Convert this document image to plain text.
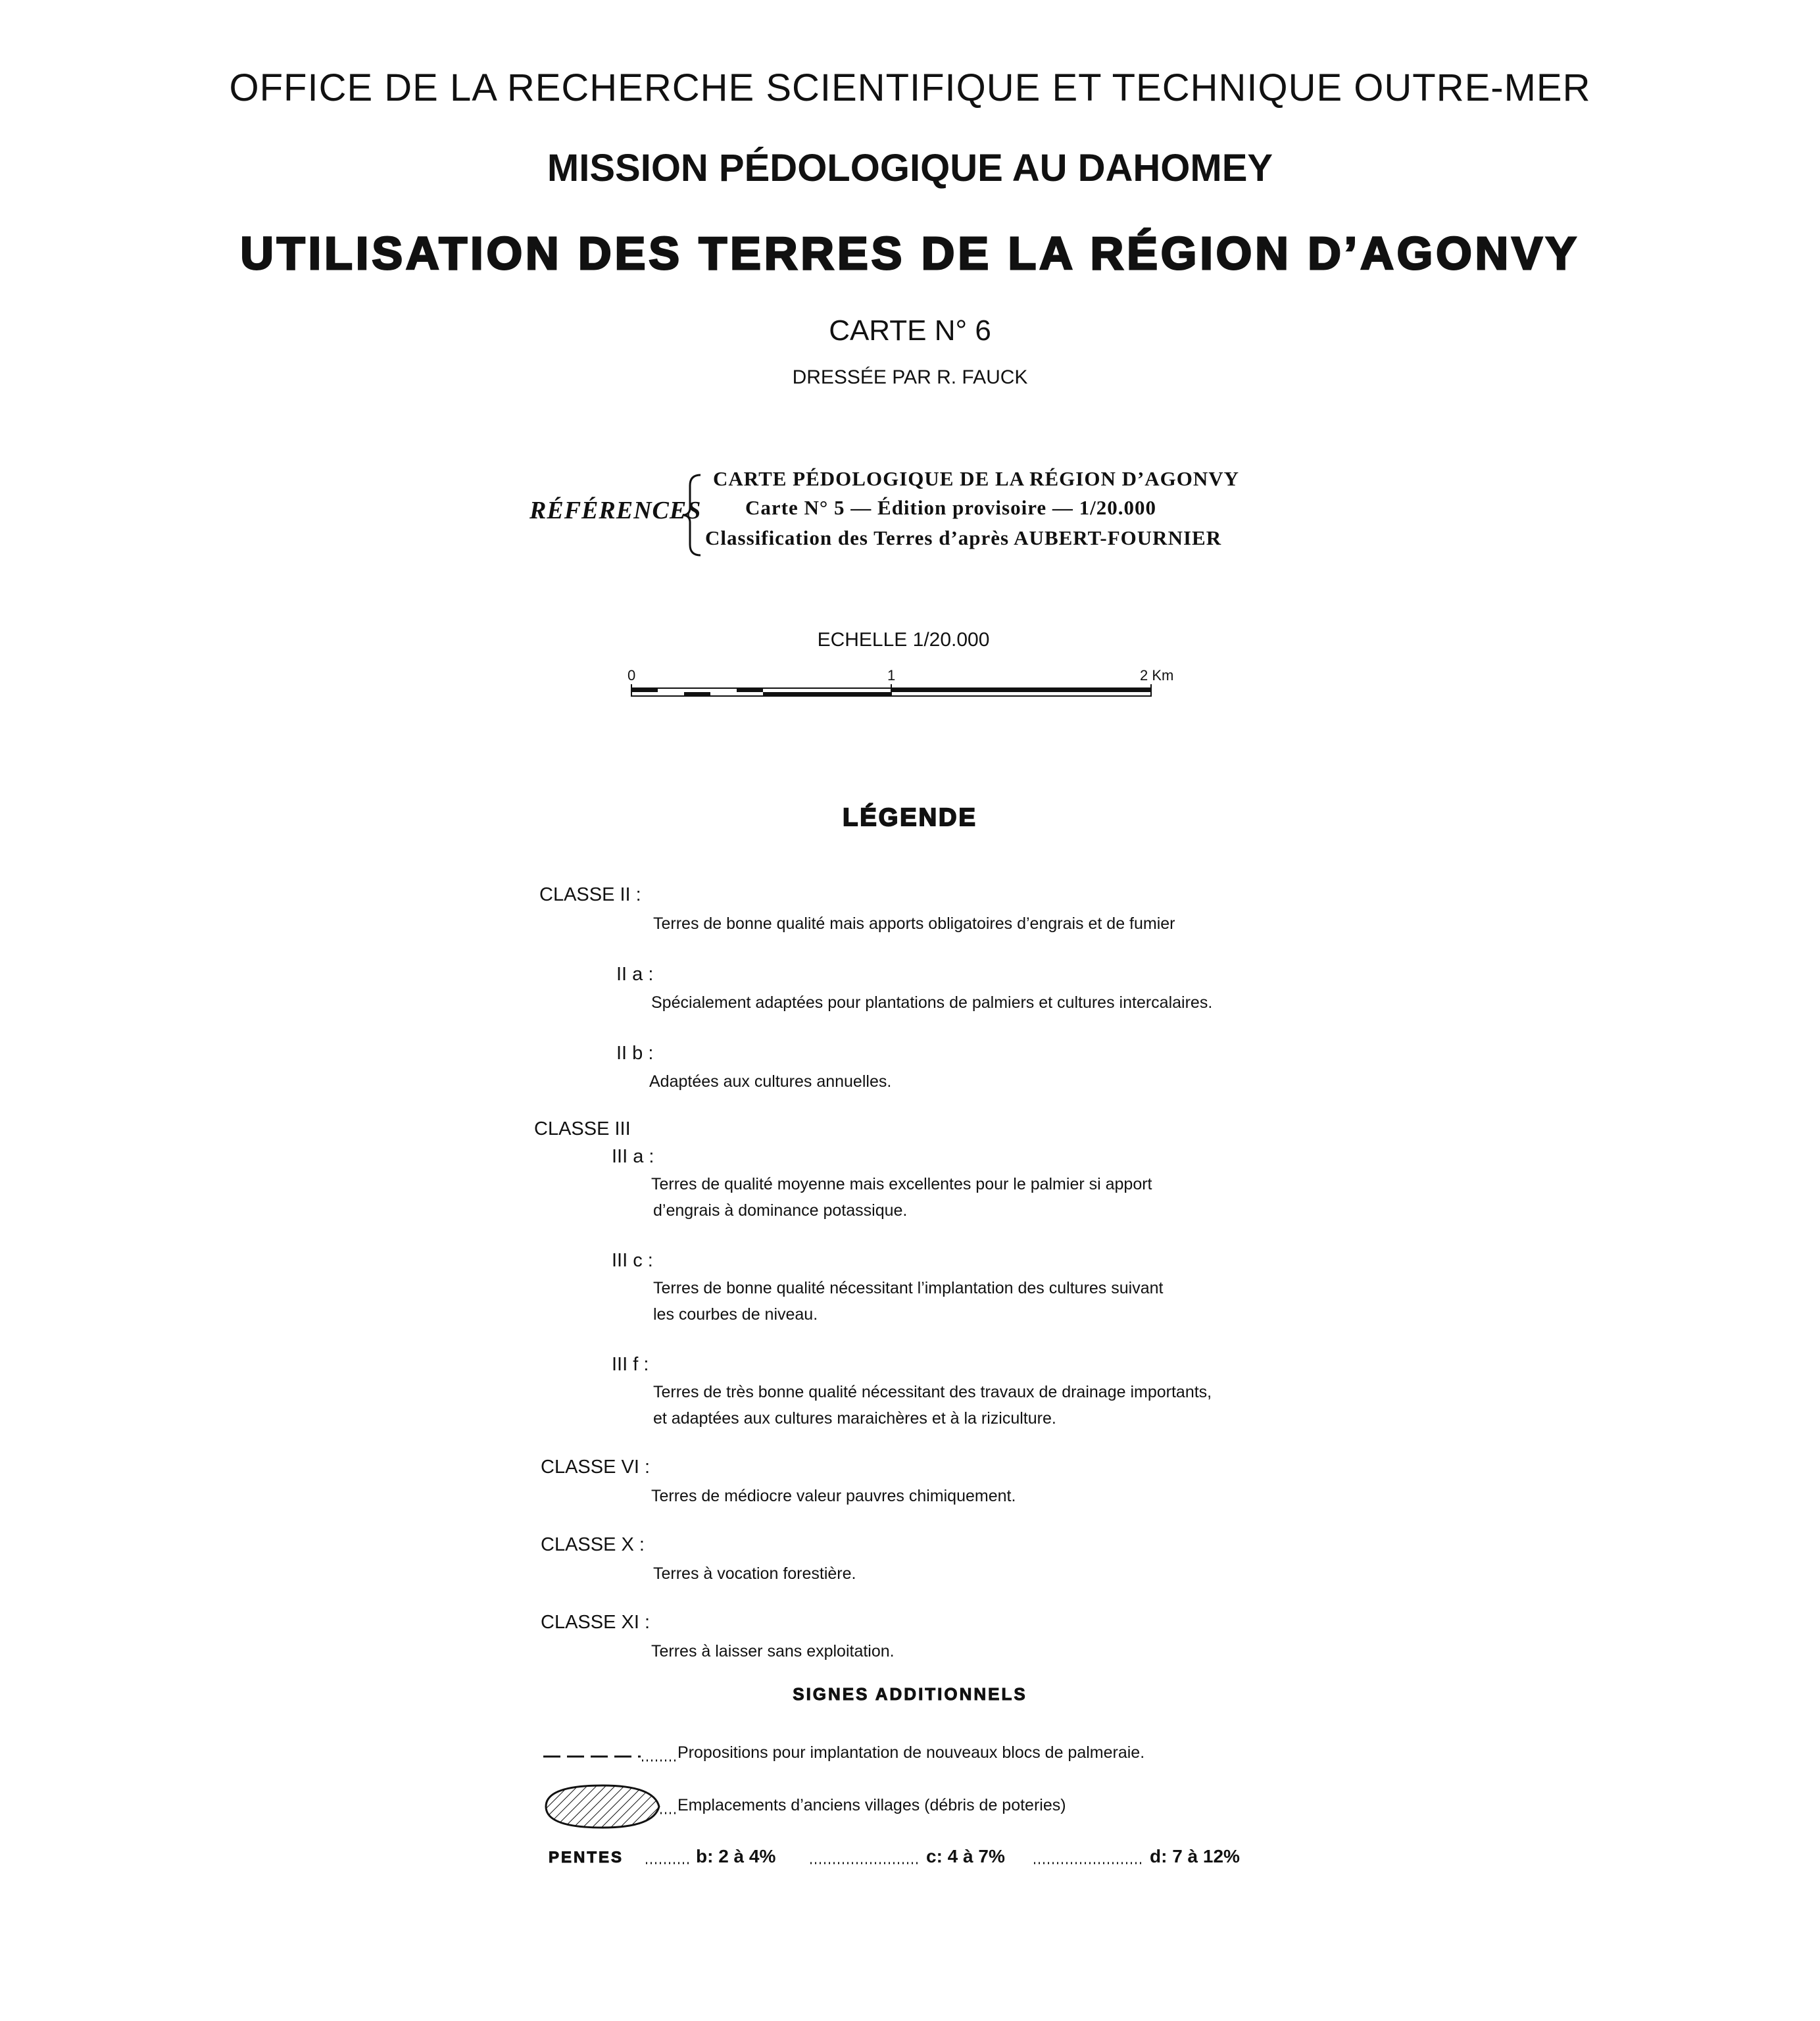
OFFICE DE LA RECHERCHE SCIENTIFIQUE ET TECHNIQUE OUTRE-MER
MISSION PÉDOLOGIQUE AU DAHOMEY
UTILISATION DES TERRES DE LA RÉGION D’AGONVY
CARTE N° 6
DRESSÉE PAR R. FAUCK
RÉFÉRENCES
CARTE PÉDOLOGIQUE DE LA RÉGION D’AGONVY
Carte N° 5 — Édition provisoire — 1/20.000
Classification des Terres d’après AUBERT-FOURNIER
ECHELLE 1/20.000
0	1	2 Km
LÉGENDE
CLASSE II :
Terres de bonne qualité mais apports obligatoires d’engrais et de fumier
II a :
Spécialement adaptées pour plantations de palmiers et cultures intercalaires.
II b :
Adaptées aux cultures annuelles.
CLASSE III
III a :
Terres de qualité moyenne mais excellentes pour le palmier si apport
d’engrais à dominance potassique.
III c :
Terres de bonne qualité nécessitant l’implantation des cultures suivant
les courbes de niveau.
III f :
Terres de très bonne qualité nécessitant des travaux de drainage importants,
et adaptées aux cultures maraichères et à la riziculture.
CLASSE VI :
Terres de médiocre valeur pauvres chimiquement.
CLASSE X :
Terres à vocation forestière.
CLASSE XI :
Terres à laisser sans exploitation.
SIGNES ADDITIONNELS
Propositions pour implantation de nouveaux blocs de palmeraie.
Emplacements d’anciens villages (débris de poteries)
PENTES	b: 2 à 4%	c: 4 à 7%	d: 7 à 12%
